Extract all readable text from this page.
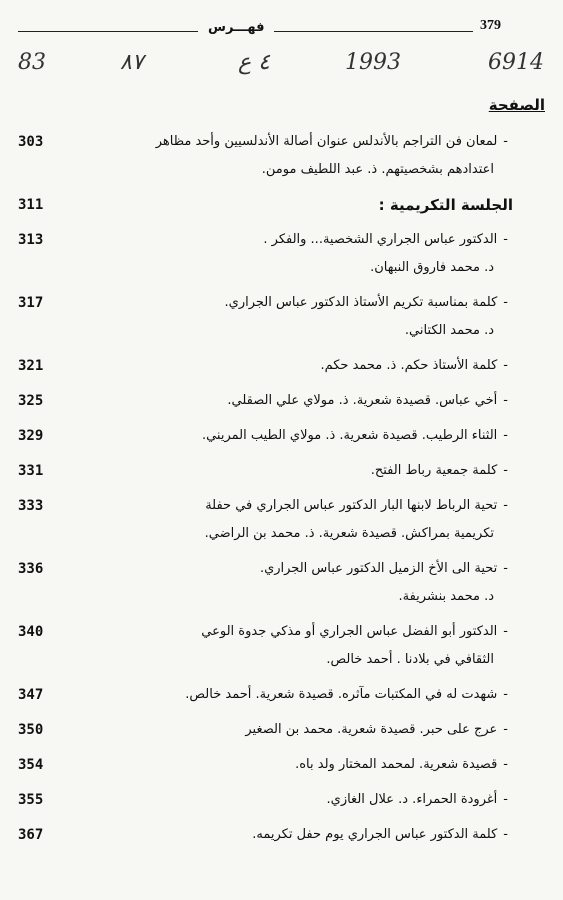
379
فهـــرس
83	٨٧	٤ ع	1993	6914
الصفحة
303	-لمعان فن التراجم بالأندلس عنوان أصالة الأندلسيين وأحد مظاهر
اعتدادهم بشخصيتهم. ذ. عبد اللطيف مومن.
311	الجلسة التكريمية :
313	-الدكتور عباس الجراري الشخصية... والفكر .
د. محمد فاروق النبهان.
317	-كلمة بمناسبة تكريم الأستاذ الدكتور عباس الجراري.
د. محمد الكتاني.
321	-كلمة الأستاذ حكم. ذ. محمد حكم.
325	-أخي عباس. قصيدة شعرية. ذ. مولاي علي الصقلي.
329	-الثناء الرطيب. قصيدة شعرية. ذ. مولاي الطيب المريني.
331	-كلمة جمعية رباط الفتح.
333	-تحية الرباط لابنها البار الدكتور عباس الجراري في حفلة
تكريمية بمراكش. قصيدة شعرية. ذ. محمد بن الراضي.
336	-تحية الى الأخ الزميل الدكتور عباس الجراري.
د. محمد بنشريفة.
340	-الدكتور أبو الفضل عباس الجراري أو مذكي جدوة الوعي
الثقافي في بلادنا . أحمد خالص.
347	-شهدت له في المكتبات مآثره. قصيدة شعرية. أحمد خالص.
350	-عرج على حبر. قصيدة شعرية. محمد بن الصغير
354	-قصيدة شعرية. لمحمد المختار ولد باه.
355	-أغرودة الحمراء. د. علال الغازي.
367	-كلمة الدكتور عباس الجراري يوم حفل تكريمه.
